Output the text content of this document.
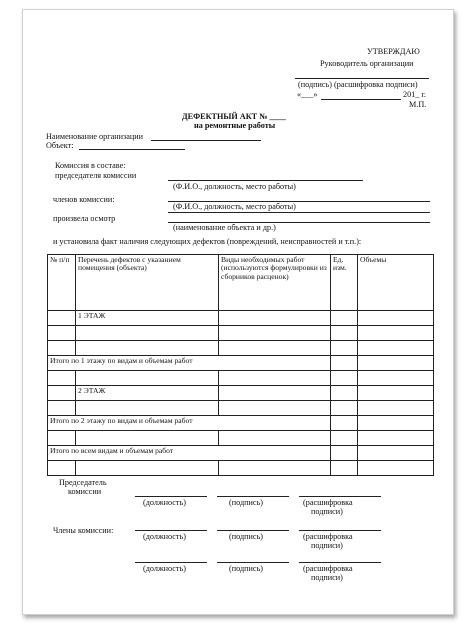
УТВЕРЖДАЮ
Руководитель организации
(подпись) (расшифровка подписи)
«___»	201_ г.
М.П.
ДЕФЕКТНЫЙ АКТ № ____
на ремонтные работы
Наименование организации
Объект:
Комиссия в составе:
председателя комиссии
(Ф.И.О., должность, место работы)
членов комиссии:
(Ф.И.О., должность, место работы)
произвела осмотр
(наименование объекта и др.)
и установила факт наличия следующих дефектов (повреждений, неисправностей и т.п.):
№ п/п	Перечень дефектов с указанием помещения (объекта)	Виды необходимых работ (используются формулировки из сборников расценок)	Ед. изм.	Объемы
	1 ЭТАЖ			

Итого по 1 этажу по видам и объемам работ				

	2 ЭТАЖ			

Итого по 2 этажу по видам и объемам работ				

Итого по всем видам и объемам работ				

Председатель
комиссии
(должность)	(подпись)	(расшифровка
подписи)
Члены комиссии:
(должность)	(подпись)	(расшифровка
подписи)
(должность)	(подпись)	(расшифровка
подписи)
